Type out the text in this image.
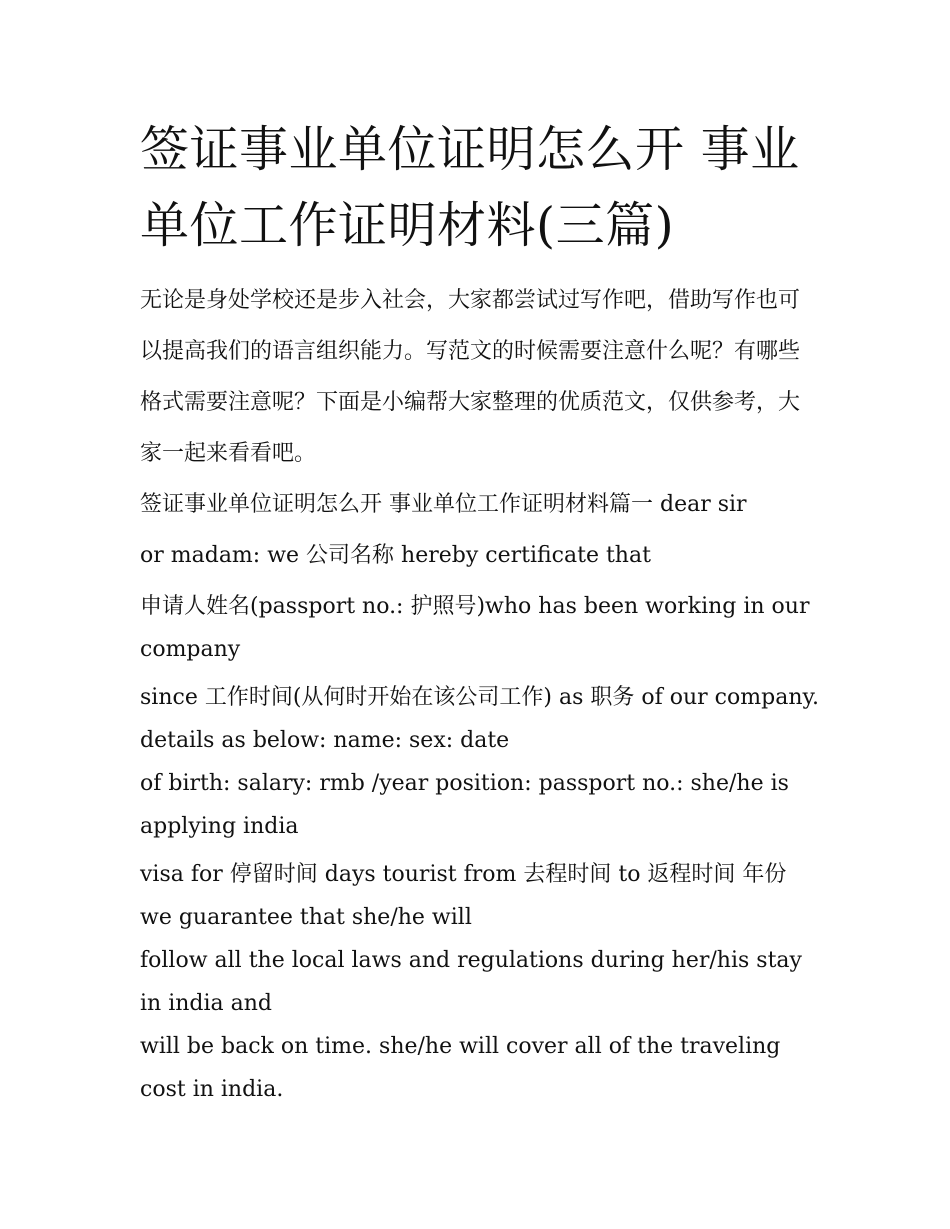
签证事业单位证明怎么开 事业单位工作证明材料(三篇)

无论是身处学校还是步入社会，大家都尝试过写作吧，借助写作也可以提高我们的语言组织能力。写范文的时候需要注意什么呢？有哪些格式需要注意呢？下面是小编帮大家整理的优质范文，仅供参考，大家一起来看看吧。

签证事业单位证明怎么开 事业单位工作证明材料篇一 dear sir

or madam: we 公司名称 hereby certificate that

申请人姓名(passport no.: 护照号)who has been working in our company

since 工作时间(从何时开始在该公司工作) as 职务 of our company. details as below: name: sex: date

of birth: salary: rmb /year position: passport no.: she/he is applying india

visa for 停留时间 days tourist from 去程时间 to 返程时间 年份 we guarantee that she/he will

follow all the local laws and regulations during her/his stay in india and

will be back on time. she/he will cover all of the traveling cost in india.
